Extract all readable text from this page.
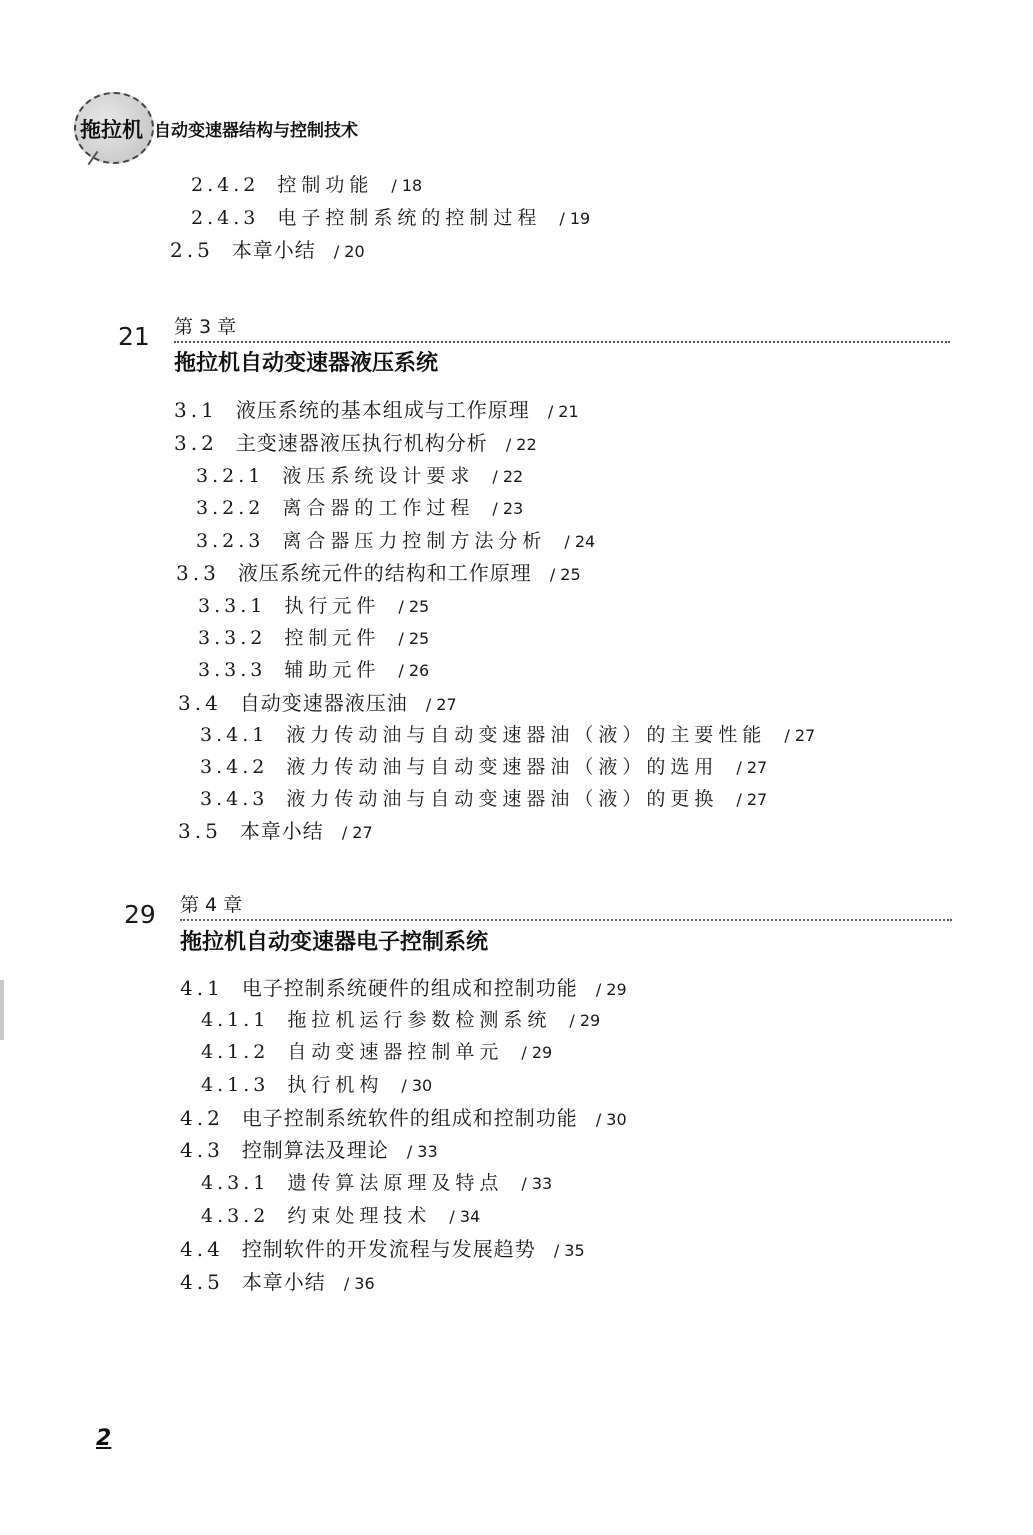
拖拉机 自动变速器结构与控制技术
2.4.2 控制功能 / 18
2.4.3 电子控制系统的控制过程 / 19
2.5 本章小结 / 20
21 第 3 章
拖拉机自动变速器液压系统
3.1 液压系统的基本组成与工作原理 / 21
3.2 主变速器液压执行机构分析 / 22
3.2.1 液压系统设计要求 / 22
3.2.2 离合器的工作过程 / 23
3.2.3 离合器压力控制方法分析 / 24
3.3 液压系统元件的结构和工作原理 / 25
3.3.1 执行元件 / 25
3.3.2 控制元件 / 25
3.3.3 辅助元件 / 26
3.4 自动变速器液压油 / 27
3.4.1 液力传动油与自动变速器油（液）的主要性能 / 27
3.4.2 液力传动油与自动变速器油（液）的选用 / 27
3.4.3 液力传动油与自动变速器油（液）的更换 / 27
3.5 本章小结 / 27
29 第 4 章
拖拉机自动变速器电子控制系统
4.1 电子控制系统硬件的组成和控制功能 / 29
4.1.1 拖拉机运行参数检测系统 / 29
4.1.2 自动变速器控制单元 / 29
4.1.3 执行机构 / 30
4.2 电子控制系统软件的组成和控制功能 / 30
4.3 控制算法及理论 / 33
4.3.1 遗传算法原理及特点 / 33
4.3.2 约束处理技术 / 34
4.4 控制软件的开发流程与发展趋势 / 35
4.5 本章小结 / 36
2
